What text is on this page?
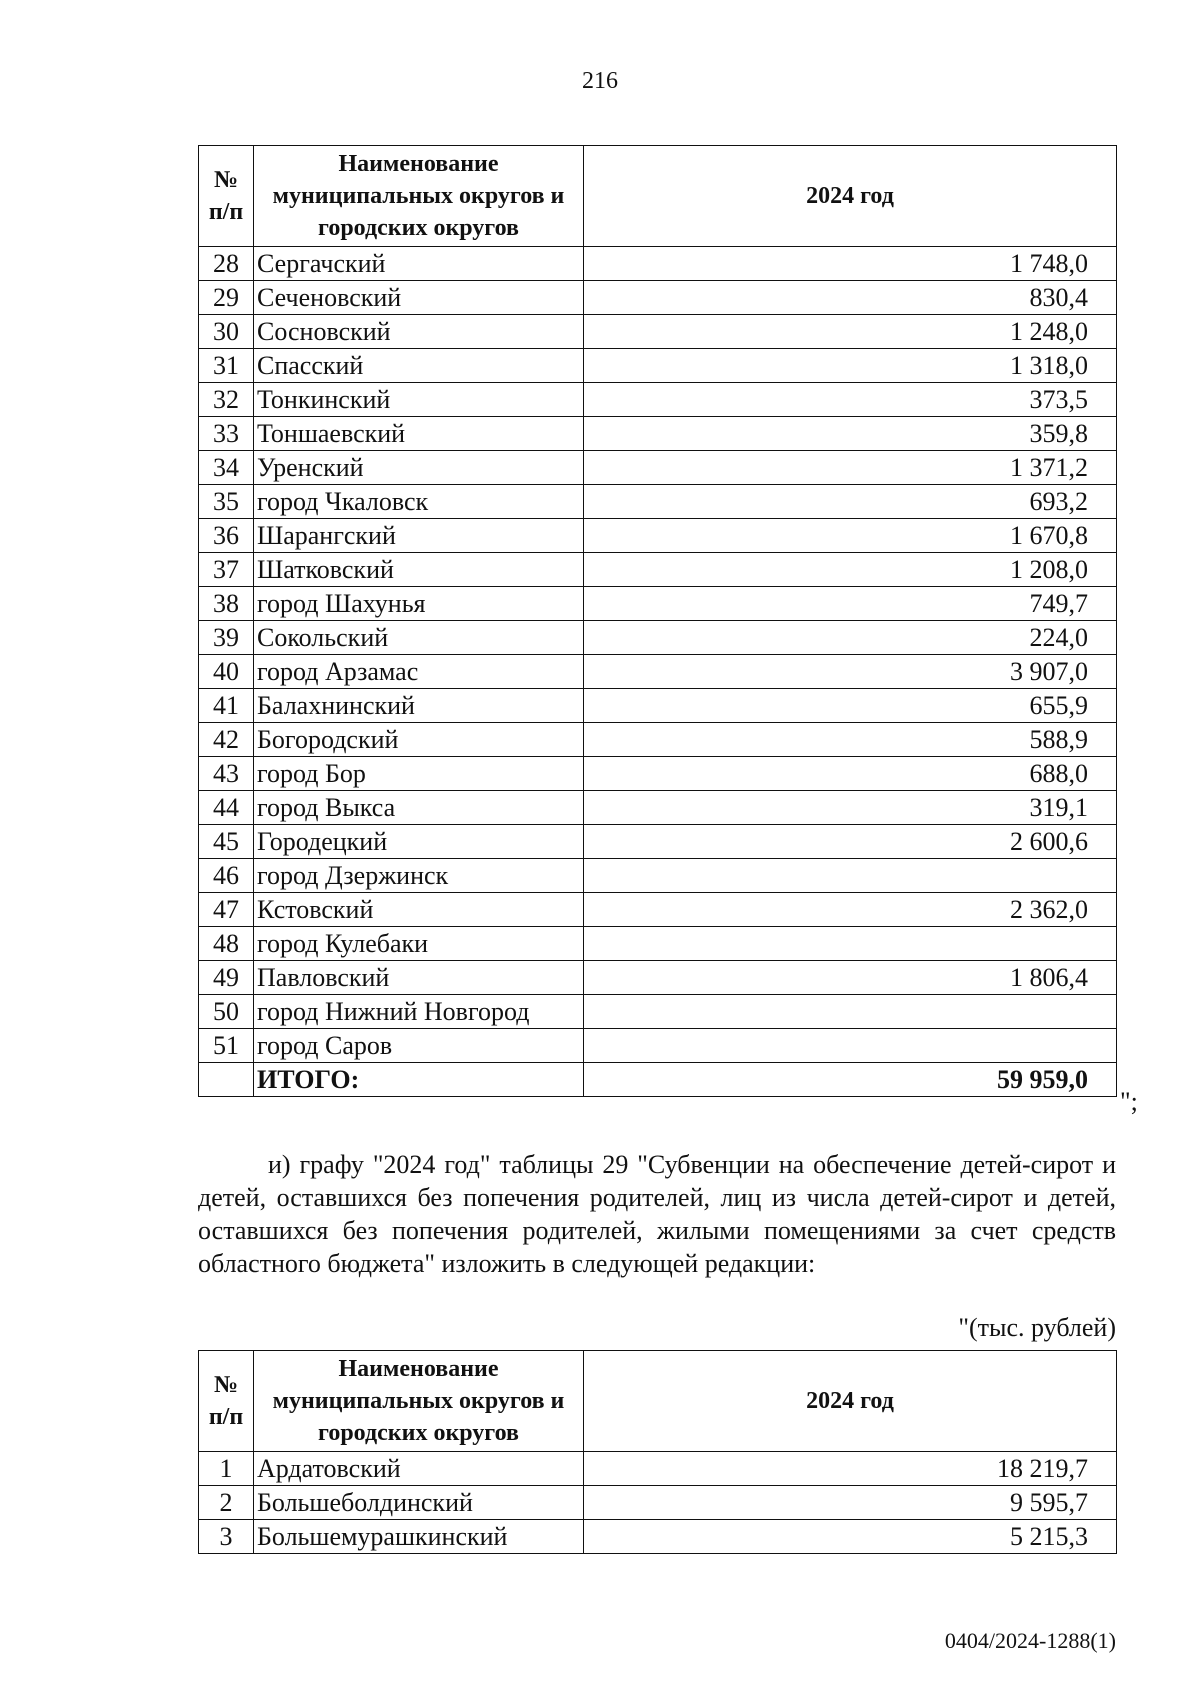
216
№ п/п	Наименование муниципальных округов и городских округов	2024 год
28	Сергачский	1 748,0
29	Сеченовский	830,4
30	Сосновский	1 248,0
31	Спасский	1 318,0
32	Тонкинский	373,5
33	Тоншаевский	359,8
34	Уренский	1 371,2
35	город Чкаловск	693,2
36	Шарангский	1 670,8
37	Шатковский	1 208,0
38	город Шахунья	749,7
39	Сокольский	224,0
40	город Арзамас	3 907,0
41	Балахнинский	655,9
42	Богородский	588,9
43	город Бор	688,0
44	город Выкса	319,1
45	Городецкий	2 600,6
46	город Дзержинск	
47	Кстовский	2 362,0
48	город Кулебаки	
49	Павловский	1 806,4
50	город Нижний Новгород	
51	город Саров	
	ИТОГО:	59 959,0
";
и) графу "2024 год" таблицы 29 "Субвенции на обеспечение детей-сирот и детей, оставшихся без попечения родителей, лиц из числа детей-сирот и детей, оставшихся без попечения родителей, жилыми помещениями за счет средств областного бюджета" изложить в следующей редакции:
"(тыс. рублей)
№ п/п	Наименование муниципальных округов и городских округов	2024 год
1	Ардатовский	18 219,7
2	Большеболдинский	9 595,7
3	Большемурашкинский	5 215,3
0404/2024-1288(1)
